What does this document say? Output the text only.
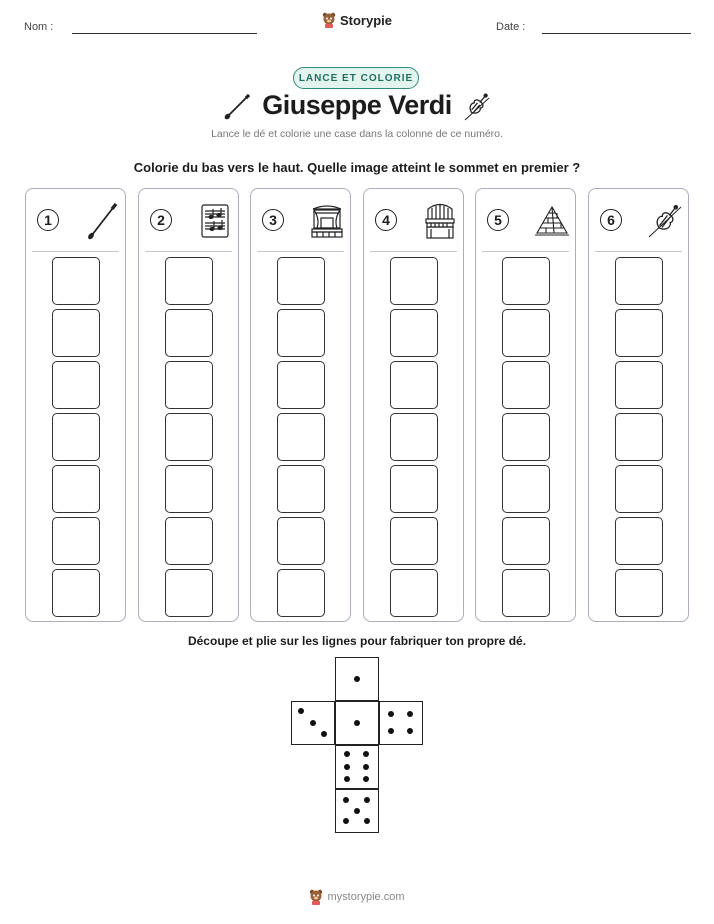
Nom :	Storypie	Date :
LANCE ET COLORIE
Giuseppe Verdi
Lance le dé et colorie une case dans la colonne de ce numéro.
Colorie du bas vers le haut. Quelle image atteint le sommet en premier ?
1	2	3	4	5	6
Découpe et plie sur les lignes pour fabriquer ton propre dé.
mystorypie.com
